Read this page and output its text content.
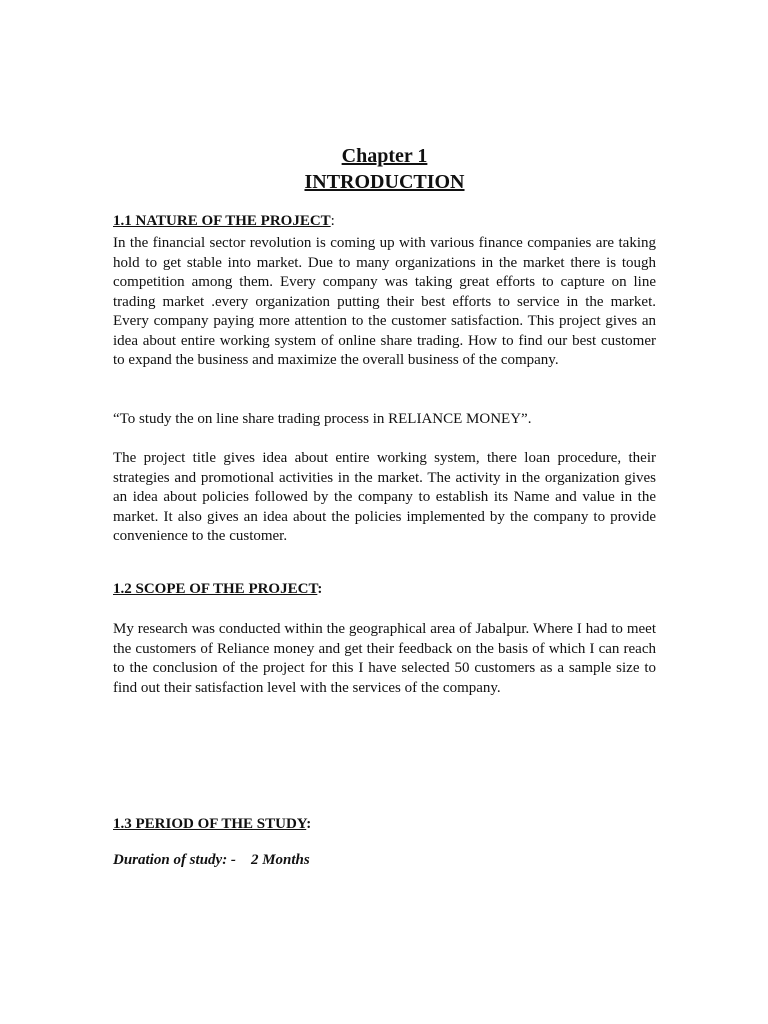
Chapter 1
INTRODUCTION
1.1 NATURE OF THE PROJECT:

In the financial sector revolution is coming up with various finance companies are taking hold to get stable into market. Due to many organizations in the market there is tough competition among them. Every company was taking great efforts to capture on line trading market .every organization putting their best efforts to service in the market. Every company paying more attention to the customer satisfaction. This project gives an idea about entire working system of online share trading. How to find our best customer to expand the business and maximize the overall business of the company.

“To study the on line share trading process in RELIANCE MONEY”.

The project title gives idea about entire working system, there loan procedure, their strategies and promotional activities in the market. The activity in the organization gives an idea about policies followed by the company to establish its Name and value in the market. It also gives an idea about the policies implemented by the company to provide convenience to the customer.

1.2 SCOPE OF THE PROJECT:

My research was conducted within the geographical area of Jabalpur. Where I had to meet the customers of Reliance money and get their feedback on the basis of which I can reach to the conclusion of the project for this I have selected 50 customers as a sample size to find out their satisfaction level with the services of the company.

1.3 PERIOD OF THE STUDY:
Duration of study: - 2 Months
